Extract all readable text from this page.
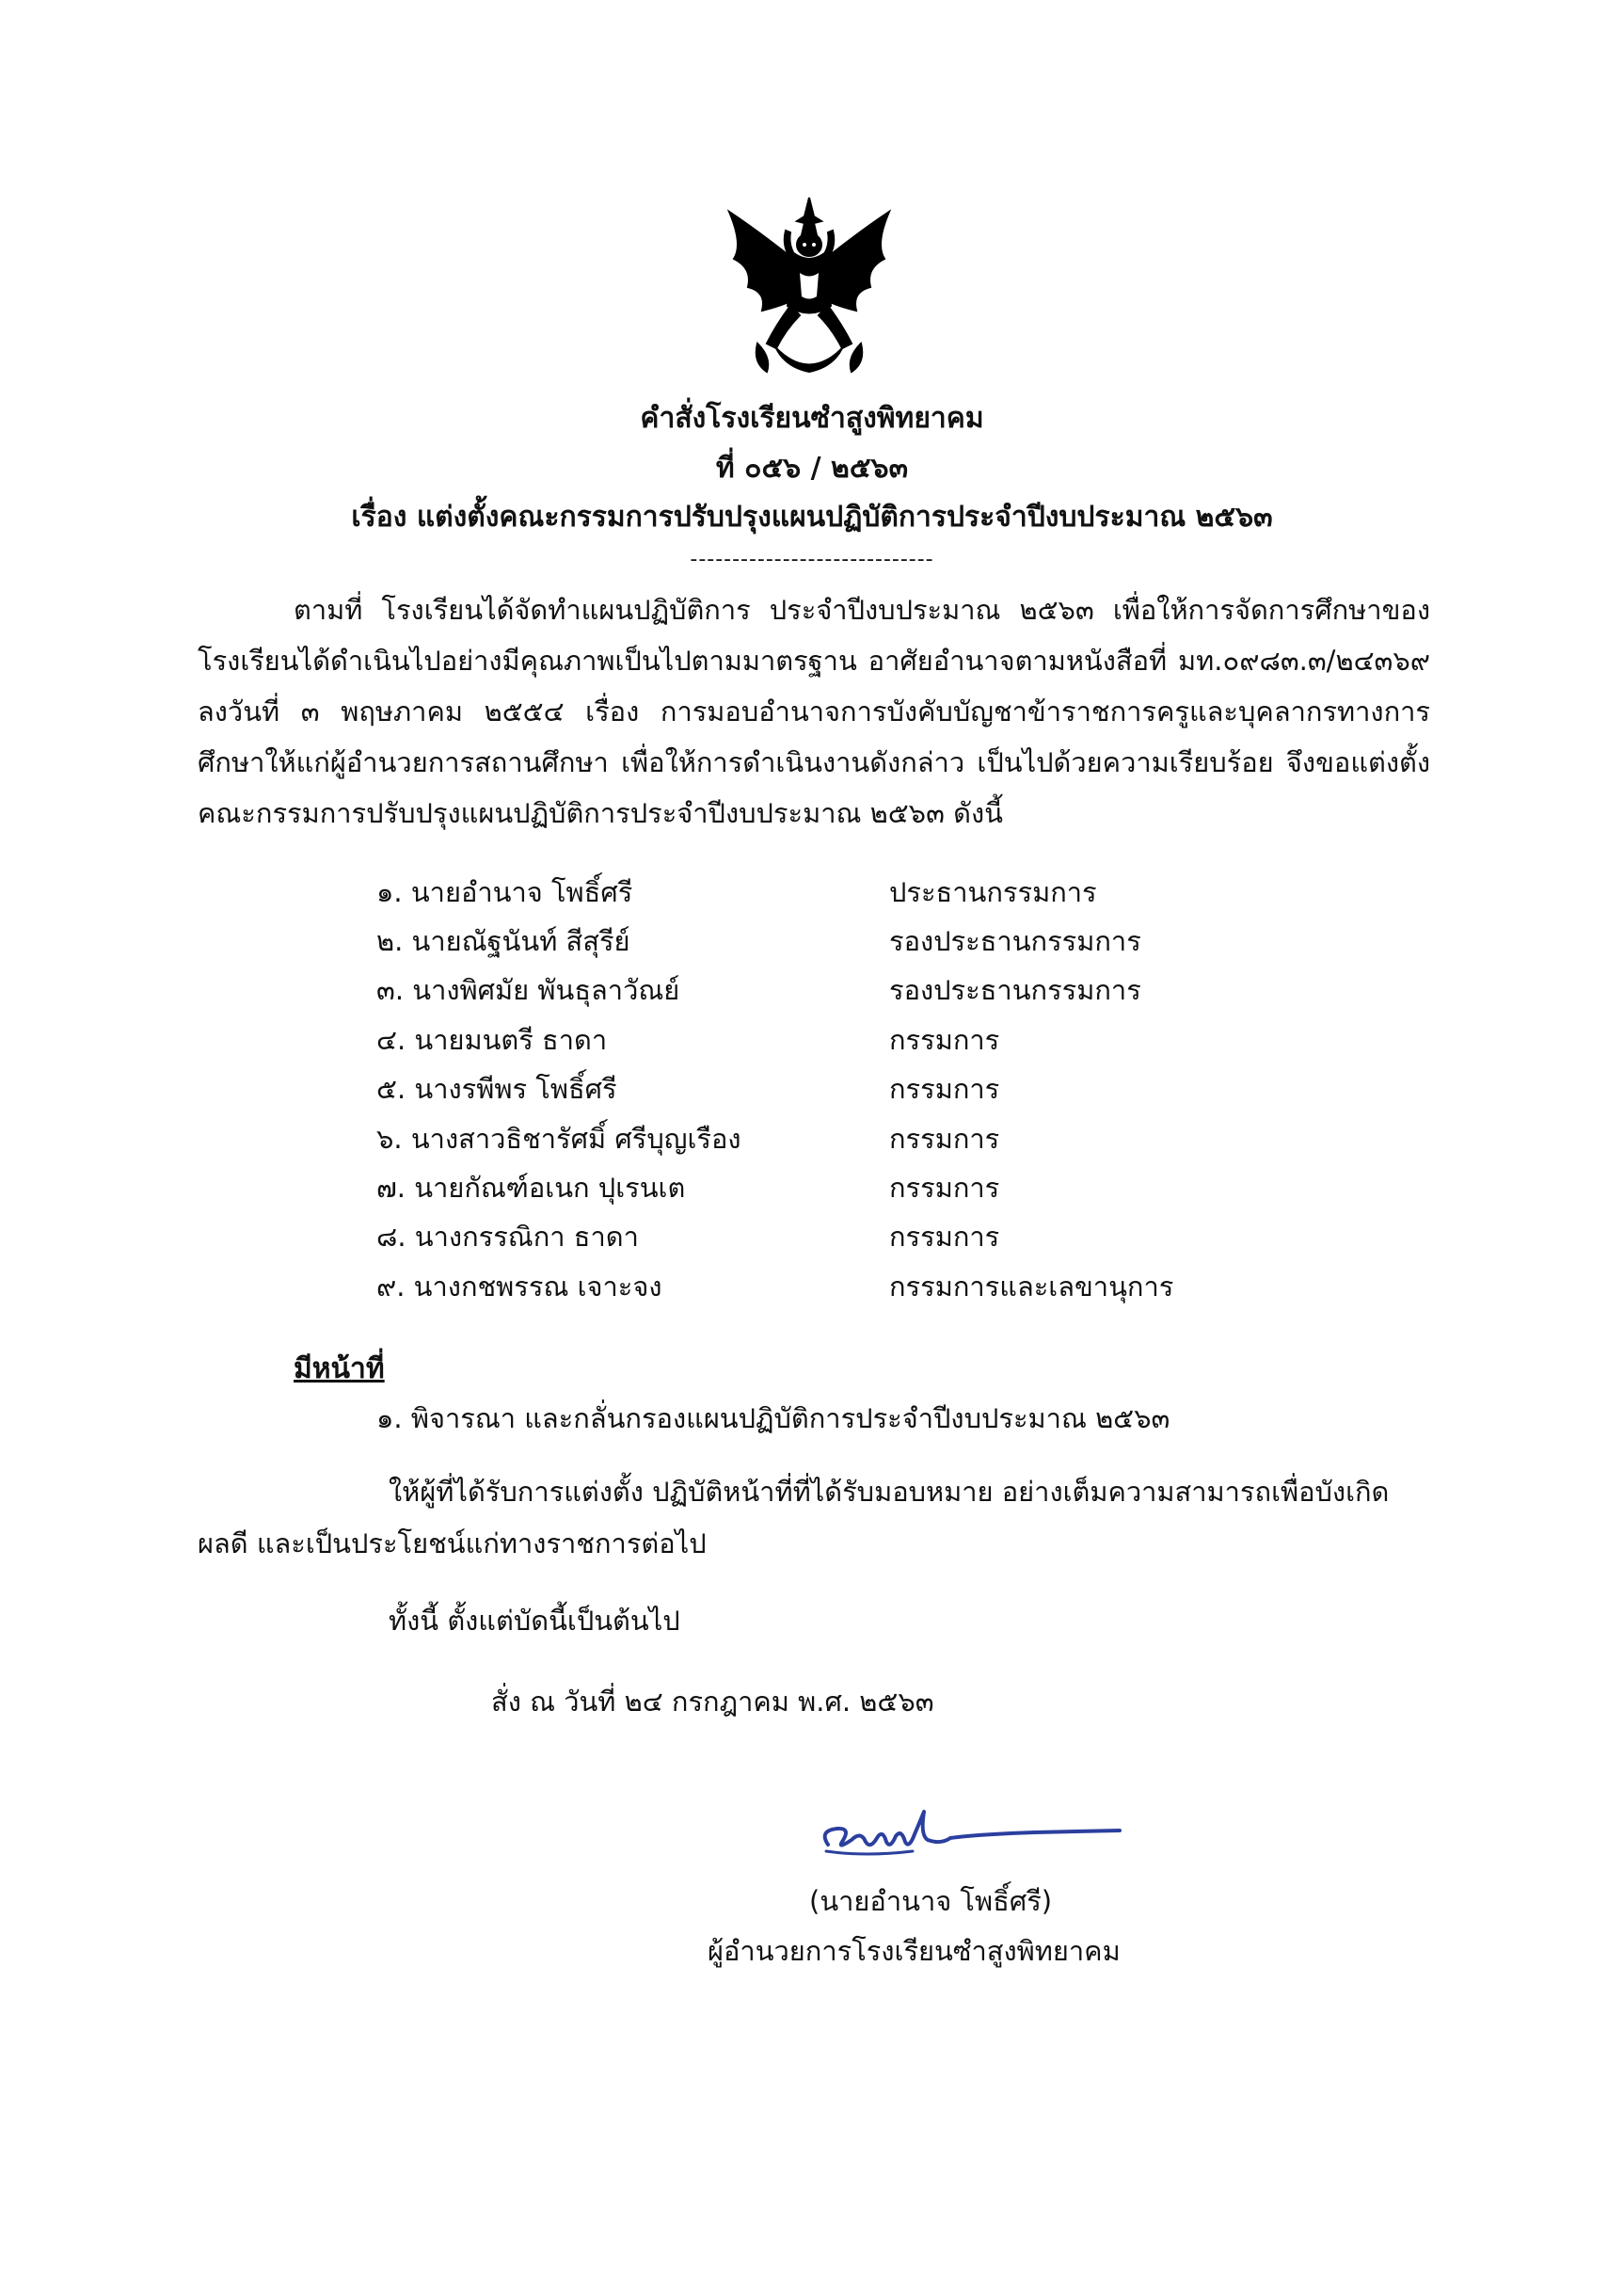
คำสั่งโรงเรียนซำสูงพิทยาคม
ที่ ๐๕๖ / ๒๕๖๓
เรื่อง แต่งตั้งคณะกรรมการปรับปรุงแผนปฏิบัติการประจำปีงบประมาณ ๒๕๖๓
-----------------------------
ตามที่ โรงเรียนได้จัดทำแผนปฏิบัติการ ประจำปีงบประมาณ ๒๕๖๓ เพื่อให้การจัดการศึกษาของ
โรงเรียนได้ดำเนินไปอย่างมีคุณภาพเป็นไปตามมาตรฐาน อาศัยอำนาจตามหนังสือที่ มท.๐๙๘๓.๓/๒๔๓๖๙
ลงวันที่ ๓ พฤษภาคม ๒๕๕๔ เรื่อง การมอบอำนาจการบังคับบัญชาข้าราชการครูและบุคลากรทางการ
ศึกษาให้แก่ผู้อำนวยการสถานศึกษา เพื่อให้การดำเนินงานดังกล่าว เป็นไปด้วยความเรียบร้อย จึงขอแต่งตั้ง
คณะกรรมการปรับปรุงแผนปฏิบัติการประจำปีงบประมาณ ๒๕๖๓ ดังนี้
๑. นายอำนาจ โพธิ์ศรี	ประธานกรรมการ
๒. นายณัฐนันท์ สีสุรีย์	รองประธานกรรมการ
๓. นางพิศมัย พันธุลาวัณย์	รองประธานกรรมการ
๔. นายมนตรี ธาดา	กรรมการ
๕. นางรพีพร โพธิ์ศรี	กรรมการ
๖. นางสาวธิชารัศมิ์ ศรีบุญเรือง	กรรมการ
๗. นายกัณฑ์อเนก ปุเรนเต	กรรมการ
๘. นางกรรณิกา ธาดา	กรรมการ
๙. นางกชพรรณ เจาะจง	กรรมการและเลขานุการ
มีหน้าที่
๑. พิจารณา และกลั่นกรองแผนปฏิบัติการประจำปีงบประมาณ ๒๕๖๓
ให้ผู้ที่ได้รับการแต่งตั้ง ปฏิบัติหน้าที่ที่ได้รับมอบหมาย อย่างเต็มความสามารถเพื่อบังเกิด
ผลดี และเป็นประโยชน์แก่ทางราชการต่อไป
ทั้งนี้ ตั้งแต่บัดนี้เป็นต้นไป
สั่ง ณ วันที่ ๒๔ กรกฎาคม พ.ศ. ๒๕๖๓
(นายอำนาจ โพธิ์ศรี)
ผู้อำนวยการโรงเรียนซำสูงพิทยาคม
